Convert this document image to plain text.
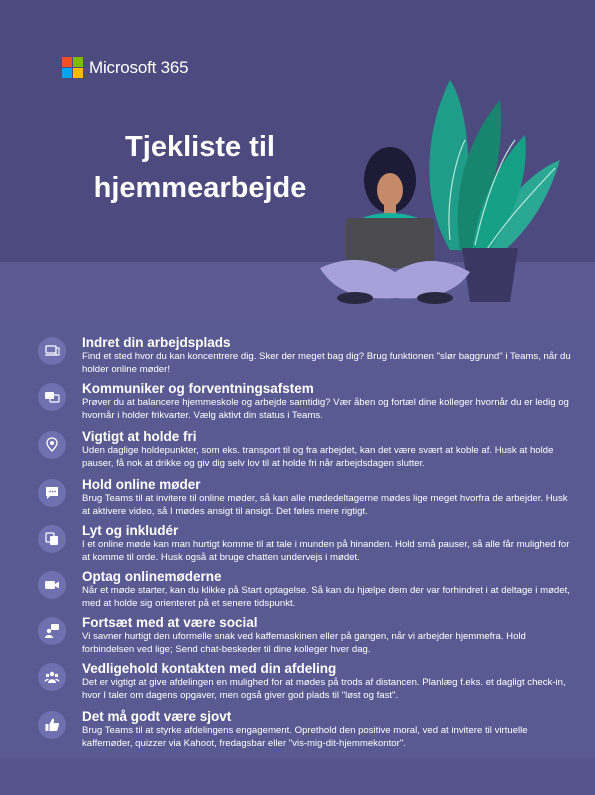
Microsoft 365
Tjekliste til
hjemmearbejde
Indret din arbejdsplads
Find et sted hvor du kan koncentrere dig. Sker der meget bag dig? Brug funktionen "slør baggrund" i Teams, når du holder online møder!
Kommuniker og forventningsafstem
Prøver du at balancere hjemmeskole og arbejde samtidig? Vær åben og fortæl dine kolleger hvornår du er ledig og hvornår i holder frikvarter. Vælg aktivt din status i Teams.
Vigtigt at holde fri
Uden daglige holdepunkter, som eks. transport til og fra arbejdet, kan det være svært at koble af. Husk at holde pauser, få nok at drikke og giv dig selv lov til at holde fri når arbejdsdagen slutter.
Hold online møder
Brug Teams til at invitere til online møder, så kan alle mødedeltagerne mødes lige meget hvorfra de arbejder. Husk at aktivere video, så I mødes ansigt til ansigt. Det føles mere rigtigt.
Lyt og inkludér
I et online møde kan man hurtigt komme til at tale i munden på hinanden. Hold små pauser, så alle får mulighed for at komme til orde. Husk også at bruge chatten undervejs i mødet.
Optag onlinemøderne
Når et møde starter, kan du klikke på Start optagelse. Så kan du hjælpe dem der var forhindret i at deltage i mødet, med at holde sig orienteret på et senere tidspunkt.
Fortsæt med at være social
Vi savner hurtigt den uformelle snak ved kaffemaskinen eller på gangen, når vi arbejder hjemmefra. Hold forbindelsen ved lige; Send chat-beskeder til dine kolleger hver dag.
Vedligehold kontakten med din afdeling
Det er vigtigt at give afdelingen en mulighed for at mødes på trods af distancen. Planlæg f.eks. et dagligt check-in, hvor I taler om dagens opgaver, men også giver god plads til "løst og fast".
Det må godt være sjovt
Brug Teams til at styrke afdelingens engagement. Oprethold den positive moral, ved at invitere til virtuelle kaffemøder, quizzer via Kahoot, fredagsbar eller "vis-mig-dit-hjemmekontor".
